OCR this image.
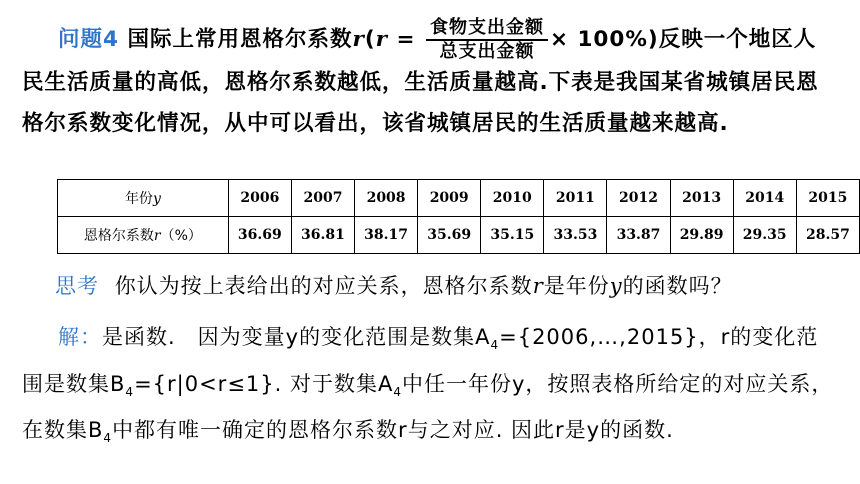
问题4 国际上常用恩格尔系数$r(r = \frac{\text{食物支出金额}}{\text{总支出金额}} \times 100\%)$反映一个地区人民生活质量的高低，恩格尔系数越低，生活质量越高.下表是我国某省城镇居民恩格尔系数变化情况，从中可以看出，该省城镇居民的生活质量越来越高.
年份y	2006	2007	2008	2009	2010	2011	2012	2013	2014	2015
恩格尔系数r（%）	36.69	36.81	38.17	35.69	35.15	33.53	33.87	29.89	29.35	28.57
思考 你认为按上表给出的对应关系，恩格尔系数r是年份y的函数吗？
解：是函数.　因为变量y的变化范围是数集$A_4=\{2006,\dots,2015\}$，r的变化范围是数集$B_4=\{r|0<r\le 1\}$. 对于数集$A_4$中任一年份y，按照表格所给定的对应关系，在数集$B_4$中都有唯一确定的恩格尔系数r与之对应. 因此r是y的函数.
